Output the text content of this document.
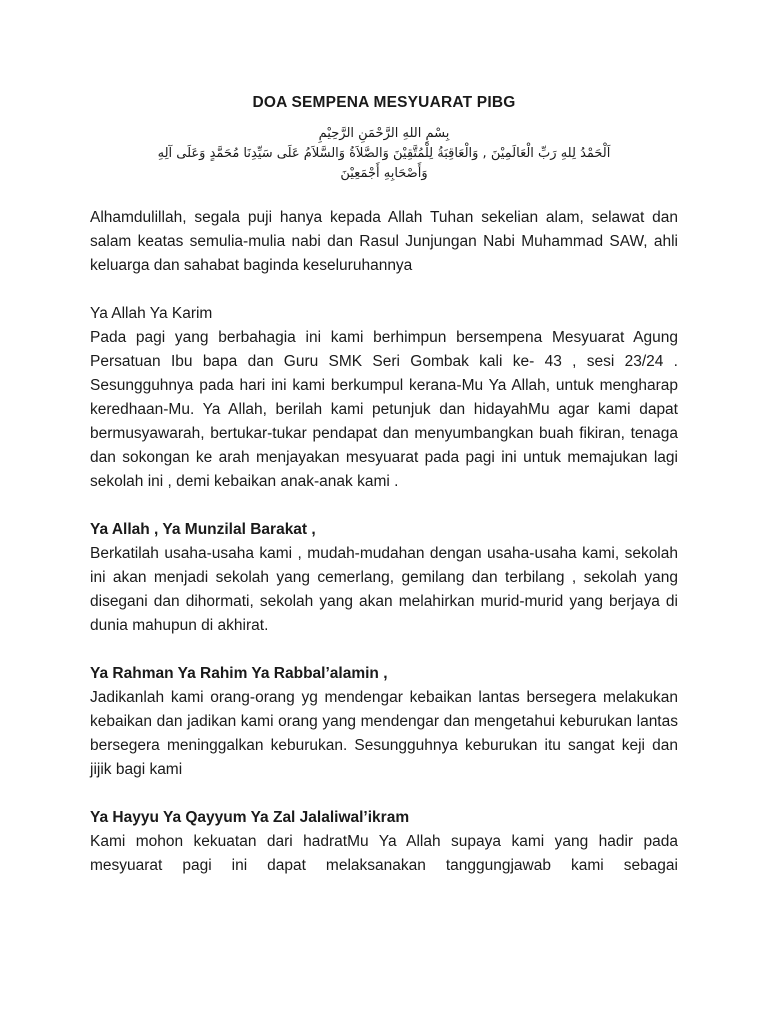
DOA SEMPENA MESYUARAT PIBG
بِسْمِ اللهِ الرَّحْمَنِ الرَّحِيْمِ
اَلْحَمْدُ لِلهِ رَبِّ الْعَالَمِيْنَ , وَالْعَاقِبَةُ لِلْمُتَّقِيْنَ وَالصَّلاَةُ وَالسَّلاَمُ عَلَى سَيِّدِنَا مُحَمَّدٍ وَعَلَى آلِهِ
وَأَصْحَابِهِ أَجْمَعِيْنَ

Alhamdulillah, segala puji hanya kepada Allah Tuhan sekelian alam, selawat dan salam keatas semulia-mulia nabi dan Rasul Junjungan Nabi Muhammad SAW, ahli keluarga dan sahabat baginda keseluruhannya

Ya Allah Ya Karim

Pada pagi yang berbahagia ini kami berhimpun bersempena Mesyuarat Agung Persatuan Ibu bapa dan Guru SMK Seri Gombak kali ke- 43 , sesi 23/24 . Sesungguhnya pada hari ini kami berkumpul kerana-Mu Ya Allah, untuk mengharap keredhaan-Mu. Ya Allah, berilah kami petunjuk dan hidayahMu agar kami dapat bermusyawarah, bertukar-tukar pendapat dan menyumbangkan buah fikiran, tenaga dan sokongan ke arah menjayakan mesyuarat pada pagi ini untuk memajukan lagi sekolah ini , demi kebaikan anak-anak kami .

Ya Allah , Ya Munzilal Barakat ,

Berkatilah usaha-usaha kami , mudah-mudahan dengan usaha-usaha kami, sekolah ini akan menjadi sekolah yang cemerlang, gemilang dan terbilang , sekolah yang disegani dan dihormati, sekolah yang akan melahirkan murid-murid yang berjaya di dunia mahupun di akhirat.

Ya Rahman Ya Rahim Ya Rabbal’alamin ,

Jadikanlah kami orang-orang yg mendengar kebaikan lantas bersegera melakukan kebaikan dan jadikan kami orang yang mendengar dan mengetahui keburukan lantas bersegera meninggalkan keburukan. Sesungguhnya keburukan itu sangat keji dan jijik bagi kami

Ya Hayyu Ya Qayyum Ya Zal Jalaliwal’ikram

Kami mohon kekuatan dari hadratMu Ya Allah supaya kami yang hadir pada mesyuarat pagi ini dapat melaksanakan tanggungjawab kami sebagai
